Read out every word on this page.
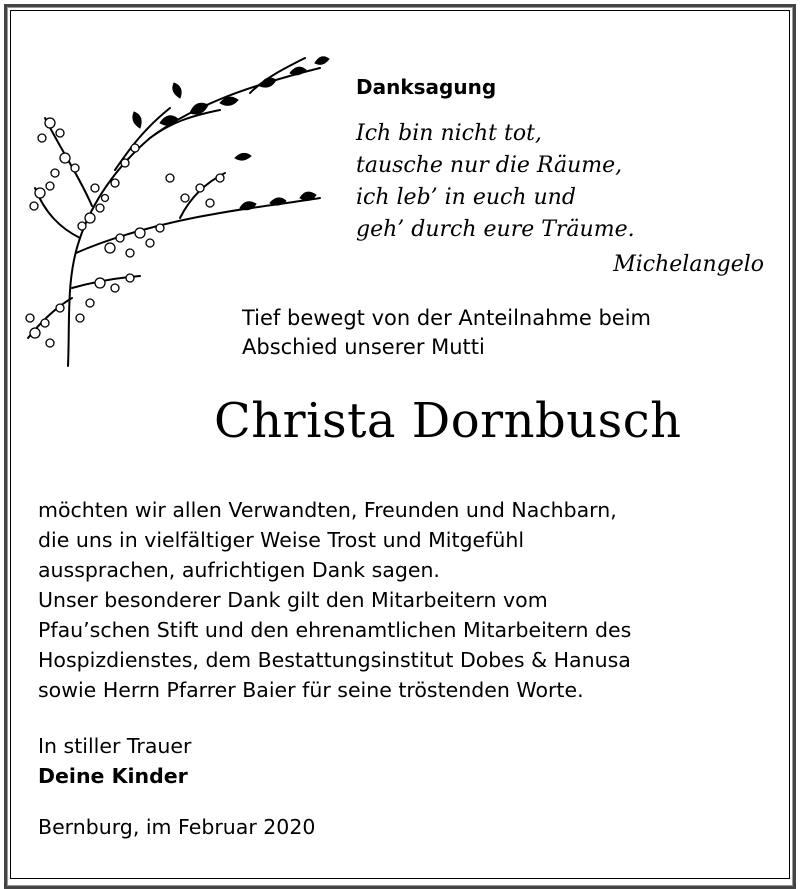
Danksagung
Ich bin nicht tot,
tausche nur die Räume,
ich leb’ in euch und
geh’ durch eure Träume.
Michelangelo
Tief bewegt von der Anteilnahme beim
Abschied unserer Mutti
Christa Dornbusch
möchten wir allen Verwandten, Freunden und Nachbarn,
die uns in vielfältiger Weise Trost und Mitgefühl
aussprachen, aufrichtigen Dank sagen.
Unser besonderer Dank gilt den Mitarbeitern vom
Pfau’schen Stift und den ehrenamtlichen Mitarbeitern des
Hospizdienstes, dem Bestattungsinstitut Dobes & Hanusa
sowie Herrn Pfarrer Baier für seine tröstenden Worte.
In stiller Trauer
Deine Kinder
Bernburg, im Februar 2020
